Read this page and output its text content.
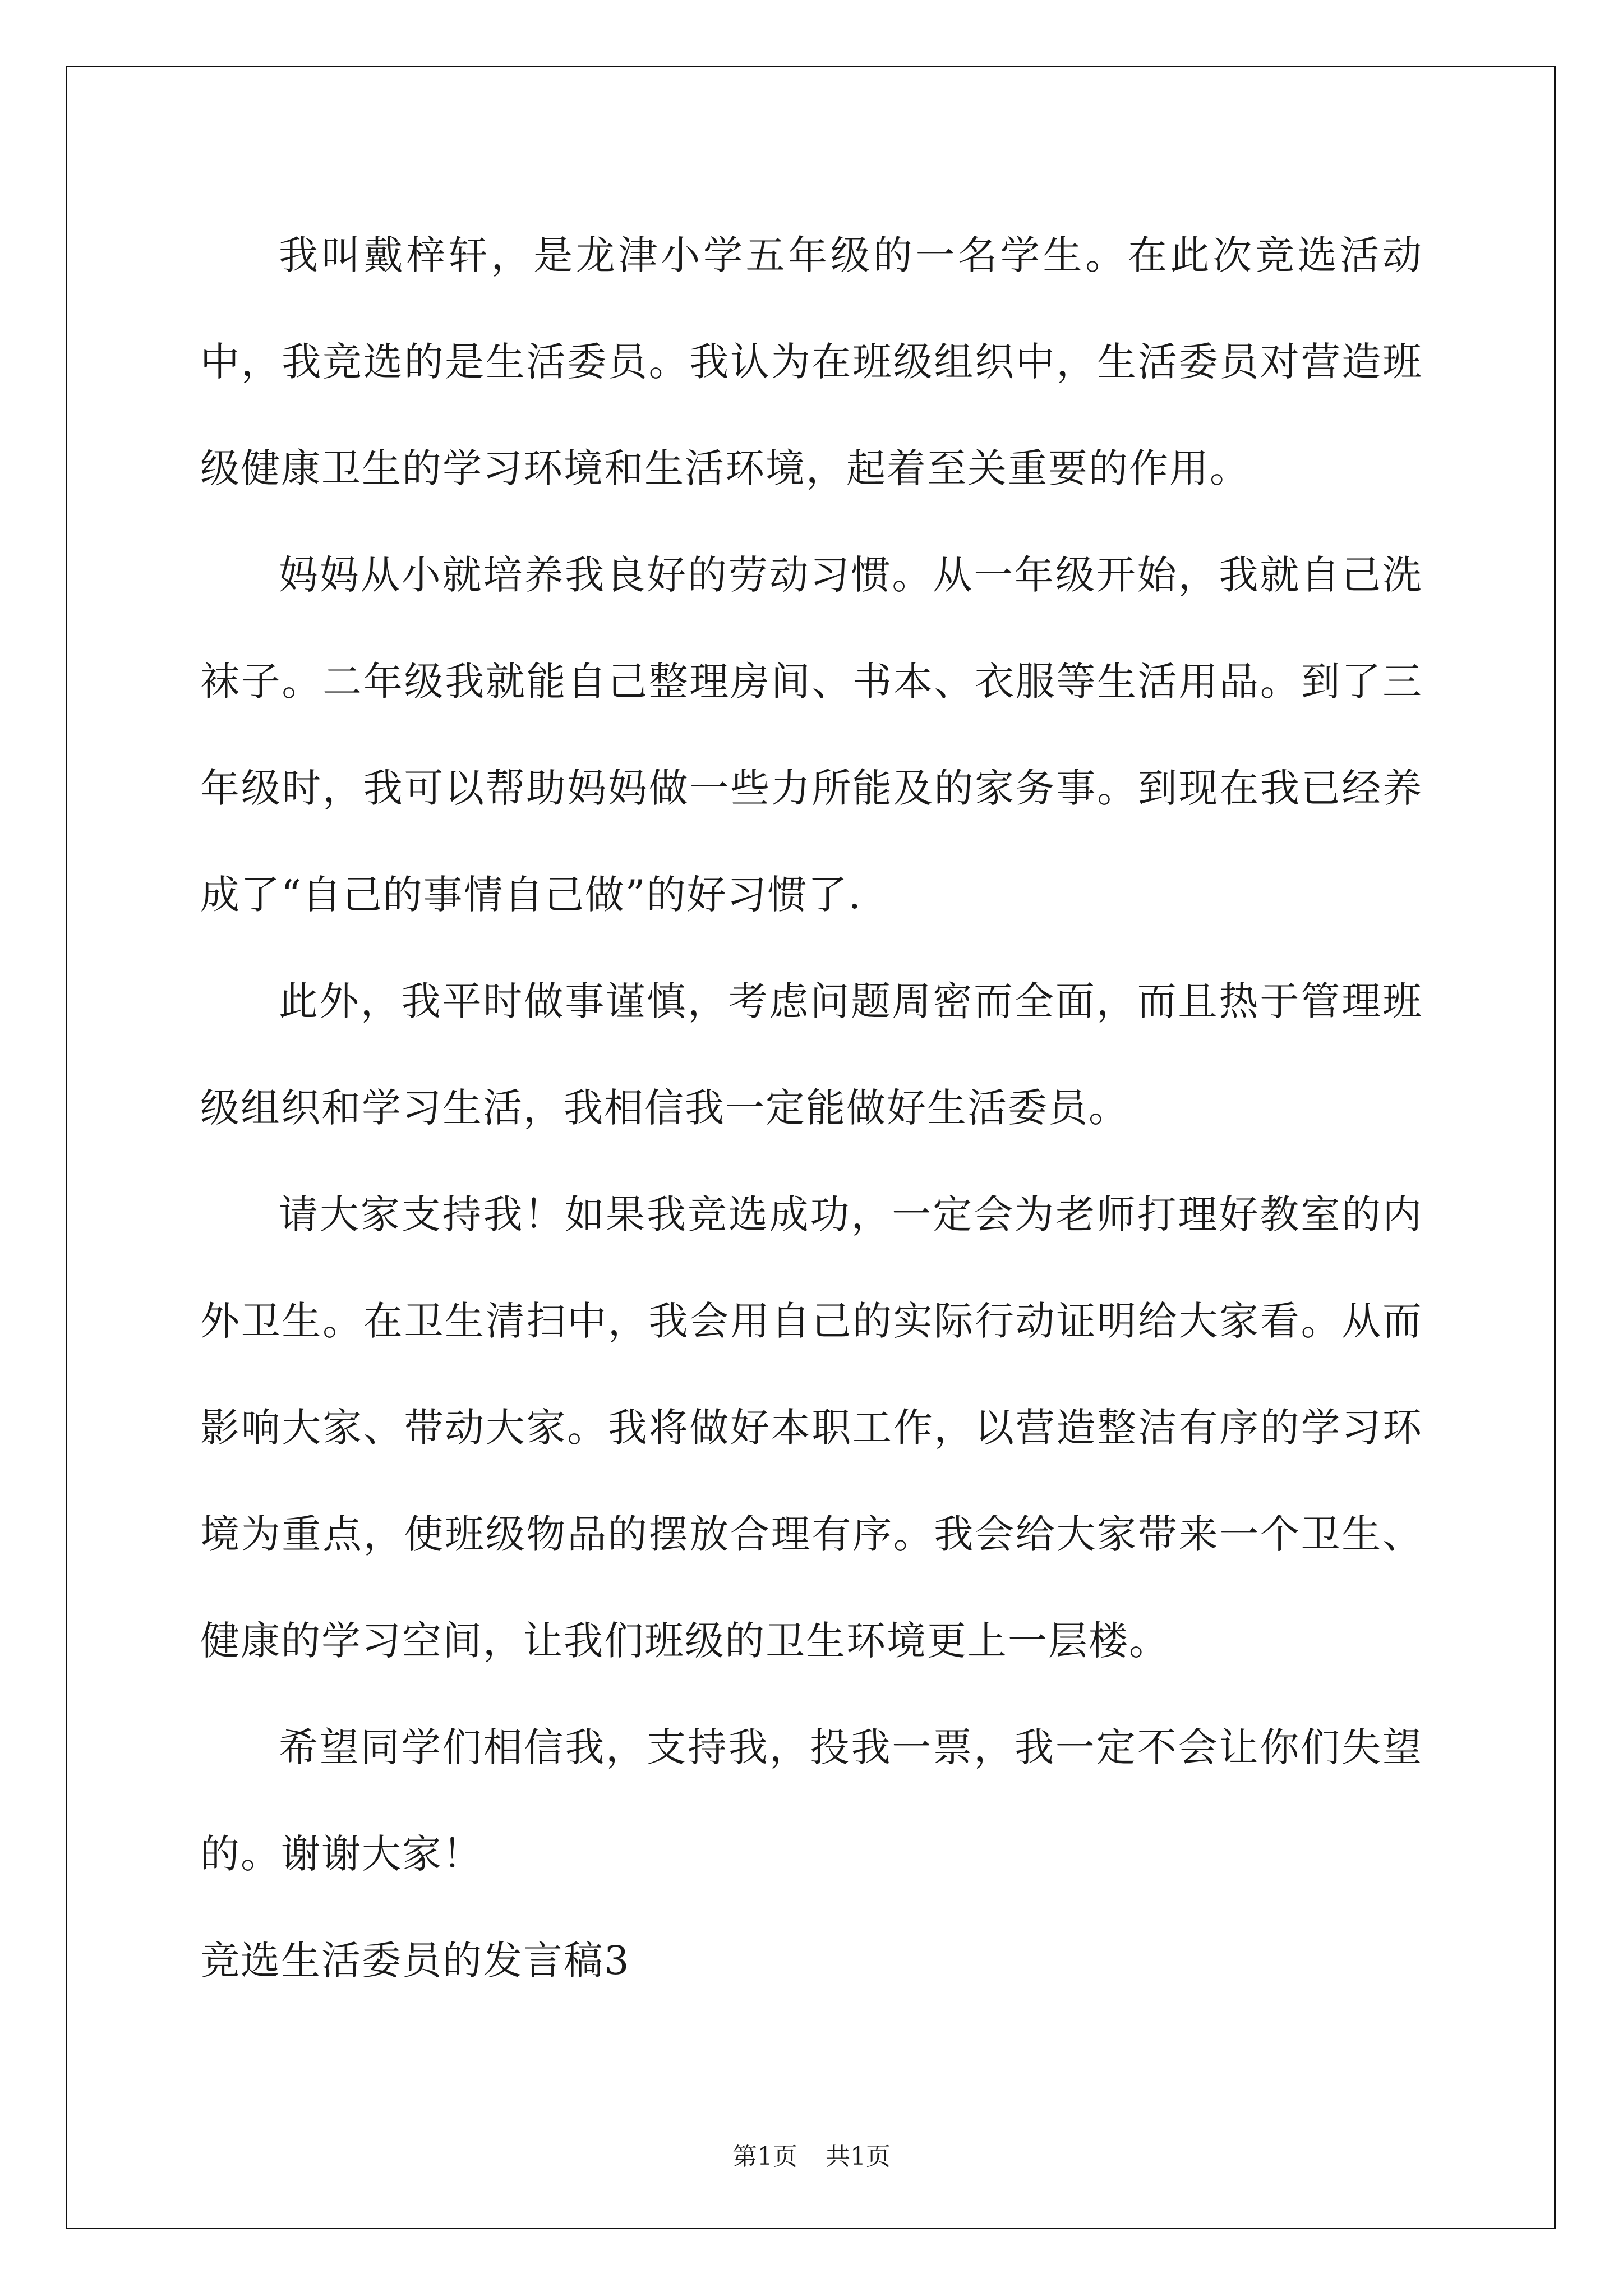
我叫戴梓轩，是龙津小学五年级的一名学生。在此次竞选活动中，我竞选的是生活委员。我认为在班级组织中，生活委员对营造班级健康卫生的学习环境和生活环境，起着至关重要的作用。

妈妈从小就培养我良好的劳动习惯。从一年级开始，我就自己洗袜子。二年级我就能自己整理房间、书本、衣服等生活用品。到了三年级时，我可以帮助妈妈做一些力所能及的家务事。到现在我已经养成了“自己的事情自己做”的好习惯了.

此外，我平时做事谨慎，考虑问题周密而全面，而且热于管理班级组织和学习生活，我相信我一定能做好生活委员。

请大家支持我！如果我竞选成功，一定会为老师打理好教室的内外卫生。在卫生清扫中，我会用自己的实际行动证明给大家看。从而影响大家、带动大家。我将做好本职工作，以营造整洁有序的学习环境为重点，使班级物品的摆放合理有序。我会给大家带来一个卫生、健康的学习空间，让我们班级的卫生环境更上一层楼。

希望同学们相信我，支持我，投我一票，我一定不会让你们失望的。谢谢大家！

竞选生活委员的发言稿3

第1页 共1页
